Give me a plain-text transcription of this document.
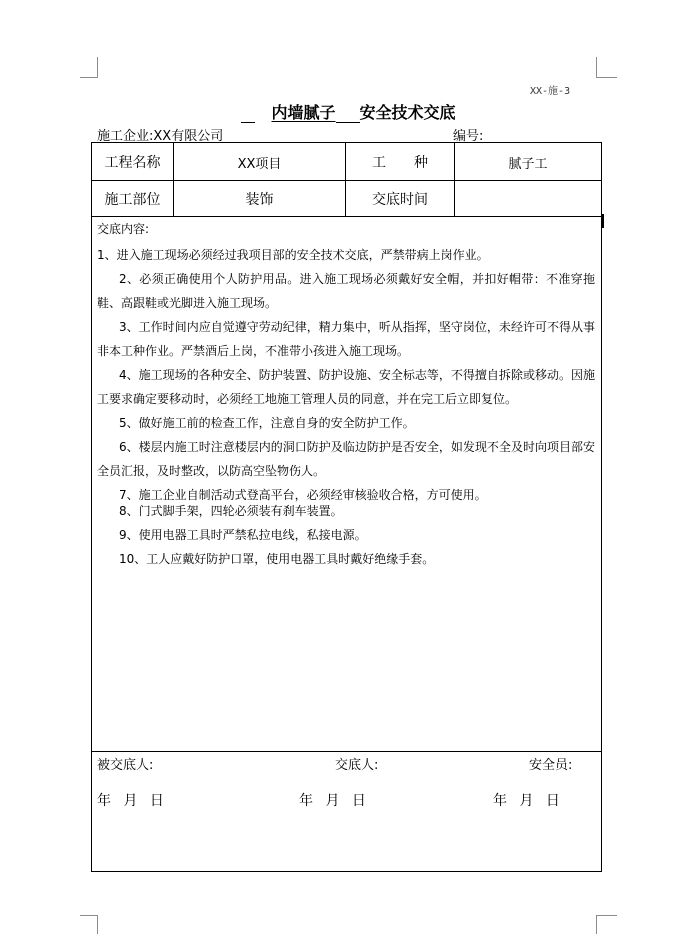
XX-施-3
内墙腻子 安全技术交底
施工企业:XX有限公司	编号:
工程名称	XX项目	工　　种	腻子工
施工部位	装饰	交底时间
交底内容:

1、进入施工现场必须经过我项目部的安全技术交底，严禁带病上岗作业。

2、必须正确使用个人防护用品。进入施工现场必须戴好安全帽，并扣好帽带：不准穿拖鞋、高跟鞋或光脚进入施工现场。

3、工作时间内应自觉遵守劳动纪律，精力集中，听从指挥，坚守岗位，未经许可不得从事非本工种作业。严禁酒后上岗，不准带小孩进入施工现场。

4、施工现场的各种安全、防护装置、防护设施、安全标志等，不得擅自拆除或移动。因施工要求确定要移动时，必须经工地施工管理人员的同意，并在完工后立即复位。

5、做好施工前的检查工作，注意自身的安全防护工作。

6、楼层内施工时注意楼层内的洞口防护及临边防护是否安全，如发现不全及时向项目部安全员汇报，及时整改，以防高空坠物伤人。

7、施工企业自制活动式登高平台，必须经审核验收合格，方可使用。

8、门式脚手架，四轮必须装有刹车装置。

9、使用电器工具时严禁私拉电线，私接电源。

10、工人应戴好防护口罩，使用电器工具时戴好绝缘手套。

被交底人:	交底人:	安全员:
年 月 日	年 月 日	年 月 日
